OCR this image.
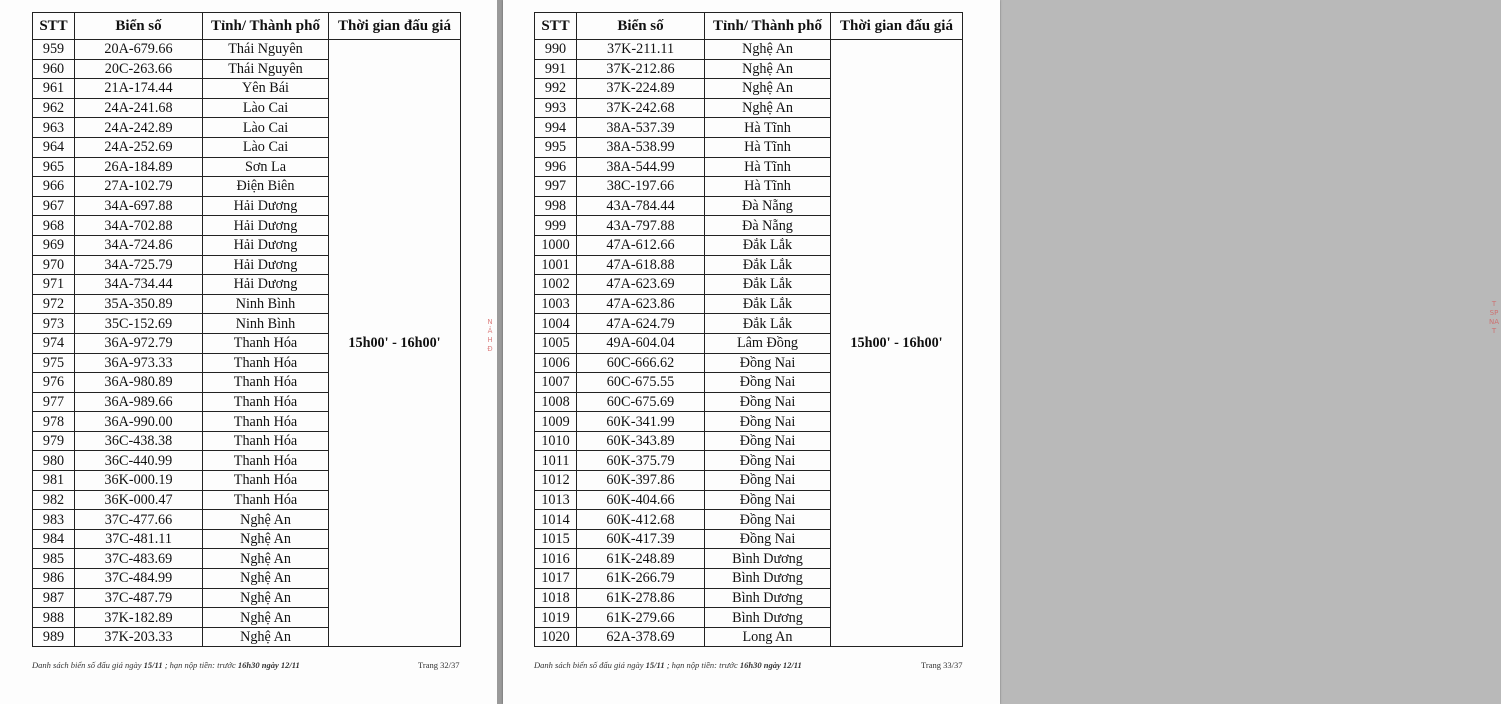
STT	Biển số	Tỉnh/ Thành phố	Thời gian đấu giá
959	20A-679.66	Thái Nguyên	15h00' - 16h00'
960	20C-263.66	Thái Nguyên	
961	21A-174.44	Yên Bái	
962	24A-241.68	Lào Cai	
963	24A-242.89	Lào Cai	
964	24A-252.69	Lào Cai	
965	26A-184.89	Sơn La	
966	27A-102.79	Điện Biên	
967	34A-697.88	Hải Dương	
968	34A-702.88	Hải Dương	
969	34A-724.86	Hải Dương	
970	34A-725.79	Hải Dương	
971	34A-734.44	Hải Dương	
972	35A-350.89	Ninh Bình	
973	35C-152.69	Ninh Bình	
974	36A-972.79	Thanh Hóa	
975	36A-973.33	Thanh Hóa	
976	36A-980.89	Thanh Hóa	
977	36A-989.66	Thanh Hóa	
978	36A-990.00	Thanh Hóa	
979	36C-438.38	Thanh Hóa	
980	36C-440.99	Thanh Hóa	
981	36K-000.19	Thanh Hóa	
982	36K-000.47	Thanh Hóa	
983	37C-477.66	Nghệ An	
984	37C-481.11	Nghệ An	
985	37C-483.69	Nghệ An	
986	37C-484.99	Nghệ An	
987	37C-487.79	Nghệ An	
988	37K-182.89	Nghệ An	
989	37K-203.33	Nghệ An	
Danh sách biển số đấu giá ngày 15/11 ; hạn nộp tiền: trước 16h30 ngày 12/11	Trang 32/37
N
Ả
H
Đ
STT	Biển số	Tỉnh/ Thành phố	Thời gian đấu giá
990	37K-211.11	Nghệ An	15h00' - 16h00'
991	37K-212.86	Nghệ An	
992	37K-224.89	Nghệ An	
993	37K-242.68	Nghệ An	
994	38A-537.39	Hà Tĩnh	
995	38A-538.99	Hà Tĩnh	
996	38A-544.99	Hà Tĩnh	
997	38C-197.66	Hà Tĩnh	
998	43A-784.44	Đà Nẵng	
999	43A-797.88	Đà Nẵng	
1000	47A-612.66	Đắk Lắk	
1001	47A-618.88	Đắk Lắk	
1002	47A-623.69	Đắk Lắk	
1003	47A-623.86	Đắk Lắk	
1004	47A-624.79	Đắk Lắk	
1005	49A-604.04	Lâm Đồng	
1006	60C-666.62	Đồng Nai	
1007	60C-675.55	Đồng Nai	
1008	60C-675.69	Đồng Nai	
1009	60K-341.99	Đồng Nai	
1010	60K-343.89	Đồng Nai	
1011	60K-375.79	Đồng Nai	
1012	60K-397.86	Đồng Nai	
1013	60K-404.66	Đồng Nai	
1014	60K-412.68	Đồng Nai	
1015	60K-417.39	Đồng Nai	
1016	61K-248.89	Bình Dương	
1017	61K-266.79	Bình Dương	
1018	61K-278.86	Bình Dương	
1019	61K-279.66	Bình Dương	
1020	62A-378.69	Long An	
Danh sách biển số đấu giá ngày 15/11 ; hạn nộp tiền: trước 16h30 ngày 12/11	Trang 33/37
T
SP
NA
T
